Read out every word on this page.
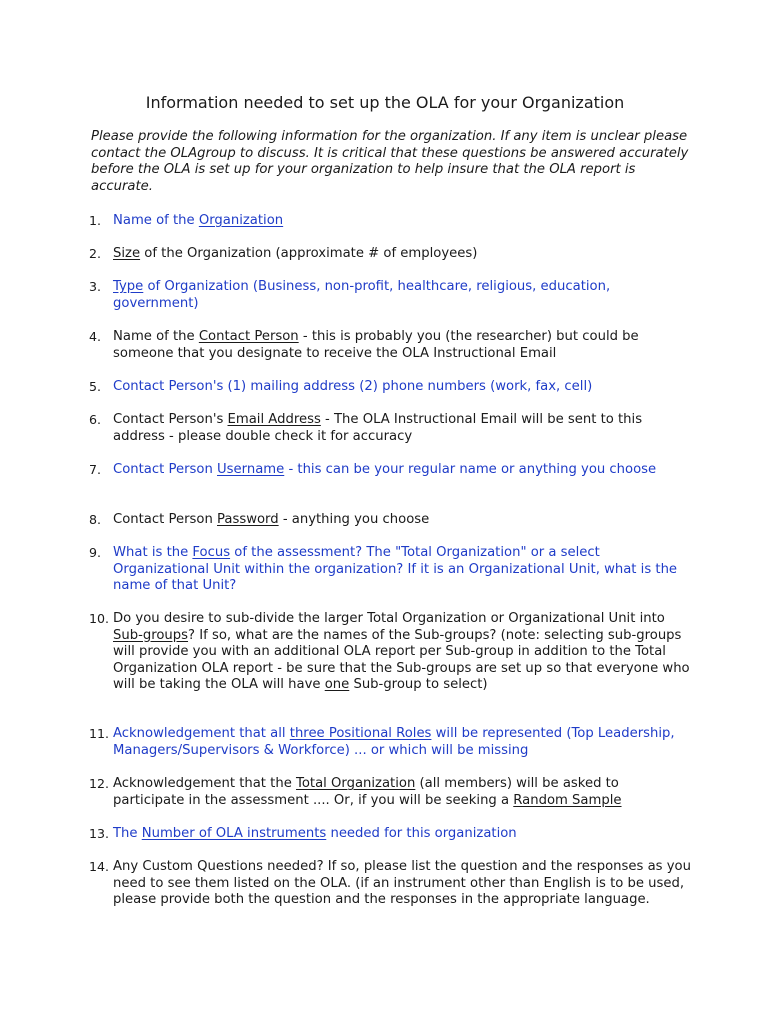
Information needed to set up the OLA for your Organization
Please provide the following information for the organization. If any item is unclear please contact the OLAgroup to discuss. It is critical that these questions be answered accurately before the OLA is set up for your organization to help insure that the OLA report is accurate.
1. Name of the Organization
2. Size of the Organization (approximate # of employees)
3. Type of Organization (Business, non-profit, healthcare, religious, education, government)
4. Name of the Contact Person - this is probably you (the researcher) but could be someone that you designate to receive the OLA Instructional Email
5. Contact Person's (1) mailing address (2) phone numbers (work, fax, cell)
6. Contact Person's Email Address - The OLA Instructional Email will be sent to this address - please double check it for accuracy
7. Contact Person Username - this can be your regular name or anything you choose
8. Contact Person Password - anything you choose
9. What is the Focus of the assessment? The "Total Organization" or a select Organizational Unit within the organization? If it is an Organizational Unit, what is the name of that Unit?
10. Do you desire to sub-divide the larger Total Organization or Organizational Unit into Sub-groups? If so, what are the names of the Sub-groups? (note: selecting sub-groups will provide you with an additional OLA report per Sub-group in addition to the Total Organization OLA report - be sure that the Sub-groups are set up so that everyone who will be taking the OLA will have one Sub-group to select)
11. Acknowledgement that all three Positional Roles will be represented (Top Leadership, Managers/Supervisors & Workforce) ... or which will be missing
12. Acknowledgement that the Total Organization (all members) will be asked to participate in the assessment .... Or, if you will be seeking a Random Sample
13. The Number of OLA instruments needed for this organization
14. Any Custom Questions needed? If so, please list the question and the responses as you need to see them listed on the OLA. (if an instrument other than English is to be used, please provide both the question and the responses in the appropriate language.
